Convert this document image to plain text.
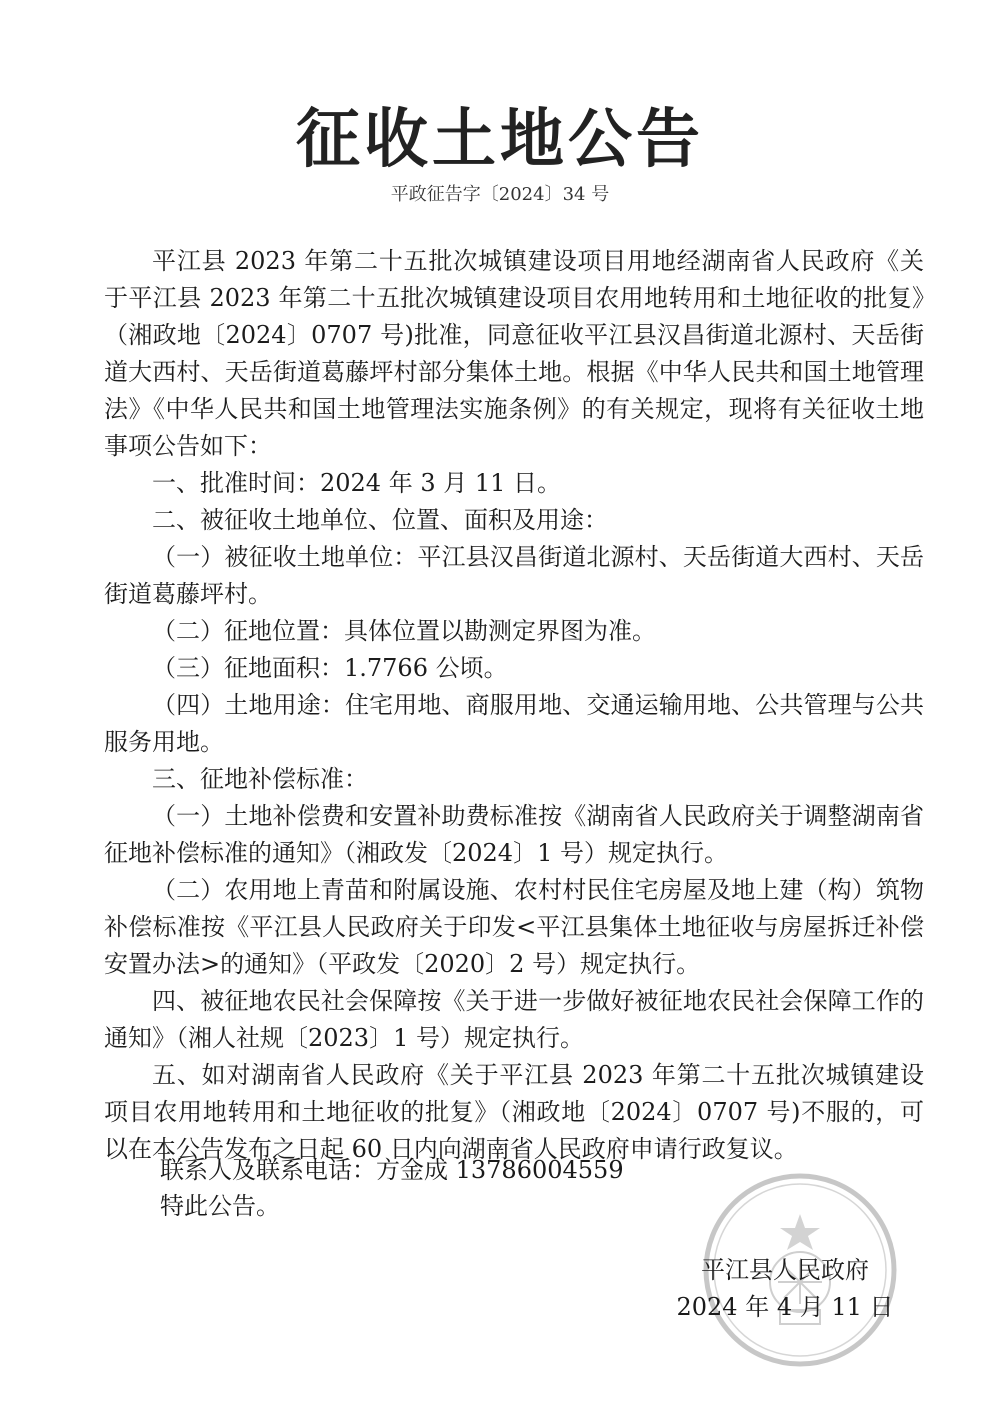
征收土地公告
平政征告字〔2024〕34 号

平江县 2023 年第二十五批次城镇建设项目用地经湖南省人民政府《关于平江县 2023 年第二十五批次城镇建设项目农用地转用和土地征收的批复》（湘政地〔2024〕0707 号)批准，同意征收平江县汉昌街道北源村、天岳街道大西村、天岳街道葛藤坪村部分集体土地。根据《中华人民共和国土地管理法》《中华人民共和国土地管理法实施条例》的有关规定，现将有关征收土地事项公告如下：

一、批准时间：2024 年 3 月 11 日。

二、被征收土地单位、位置、面积及用途：

（一）被征收土地单位：平江县汉昌街道北源村、天岳街道大西村、天岳街道葛藤坪村。

（二）征地位置：具体位置以勘测定界图为准。

（三）征地面积：1.7766 公顷。

（四）土地用途：住宅用地、商服用地、交通运输用地、公共管理与公共服务用地。

三、征地补偿标准：

（一）土地补偿费和安置补助费标准按《湖南省人民政府关于调整湖南省征地补偿标准的通知》（湘政发〔2024〕1 号）规定执行。

（二）农用地上青苗和附属设施、农村村民住宅房屋及地上建（构）筑物补偿标准按《平江县人民政府关于印发<平江县集体土地征收与房屋拆迁补偿安置办法>的通知》（平政发〔2020〕2 号）规定执行。

四、被征地农民社会保障按《关于进一步做好被征地农民社会保障工作的通知》（湘人社规〔2023〕1 号）规定执行。

五、如对湖南省人民政府《关于平江县 2023 年第二十五批次城镇建设项目农用地转用和土地征收的批复》（湘政地〔2024〕0707 号)不服的，可以在本公告发布之日起 60 日内向湖南省人民政府申请行政复议。

联系人及联系电话：方金成 13786004559
特此公告。
平江县人民政府
2024 年 4 月 11 日
